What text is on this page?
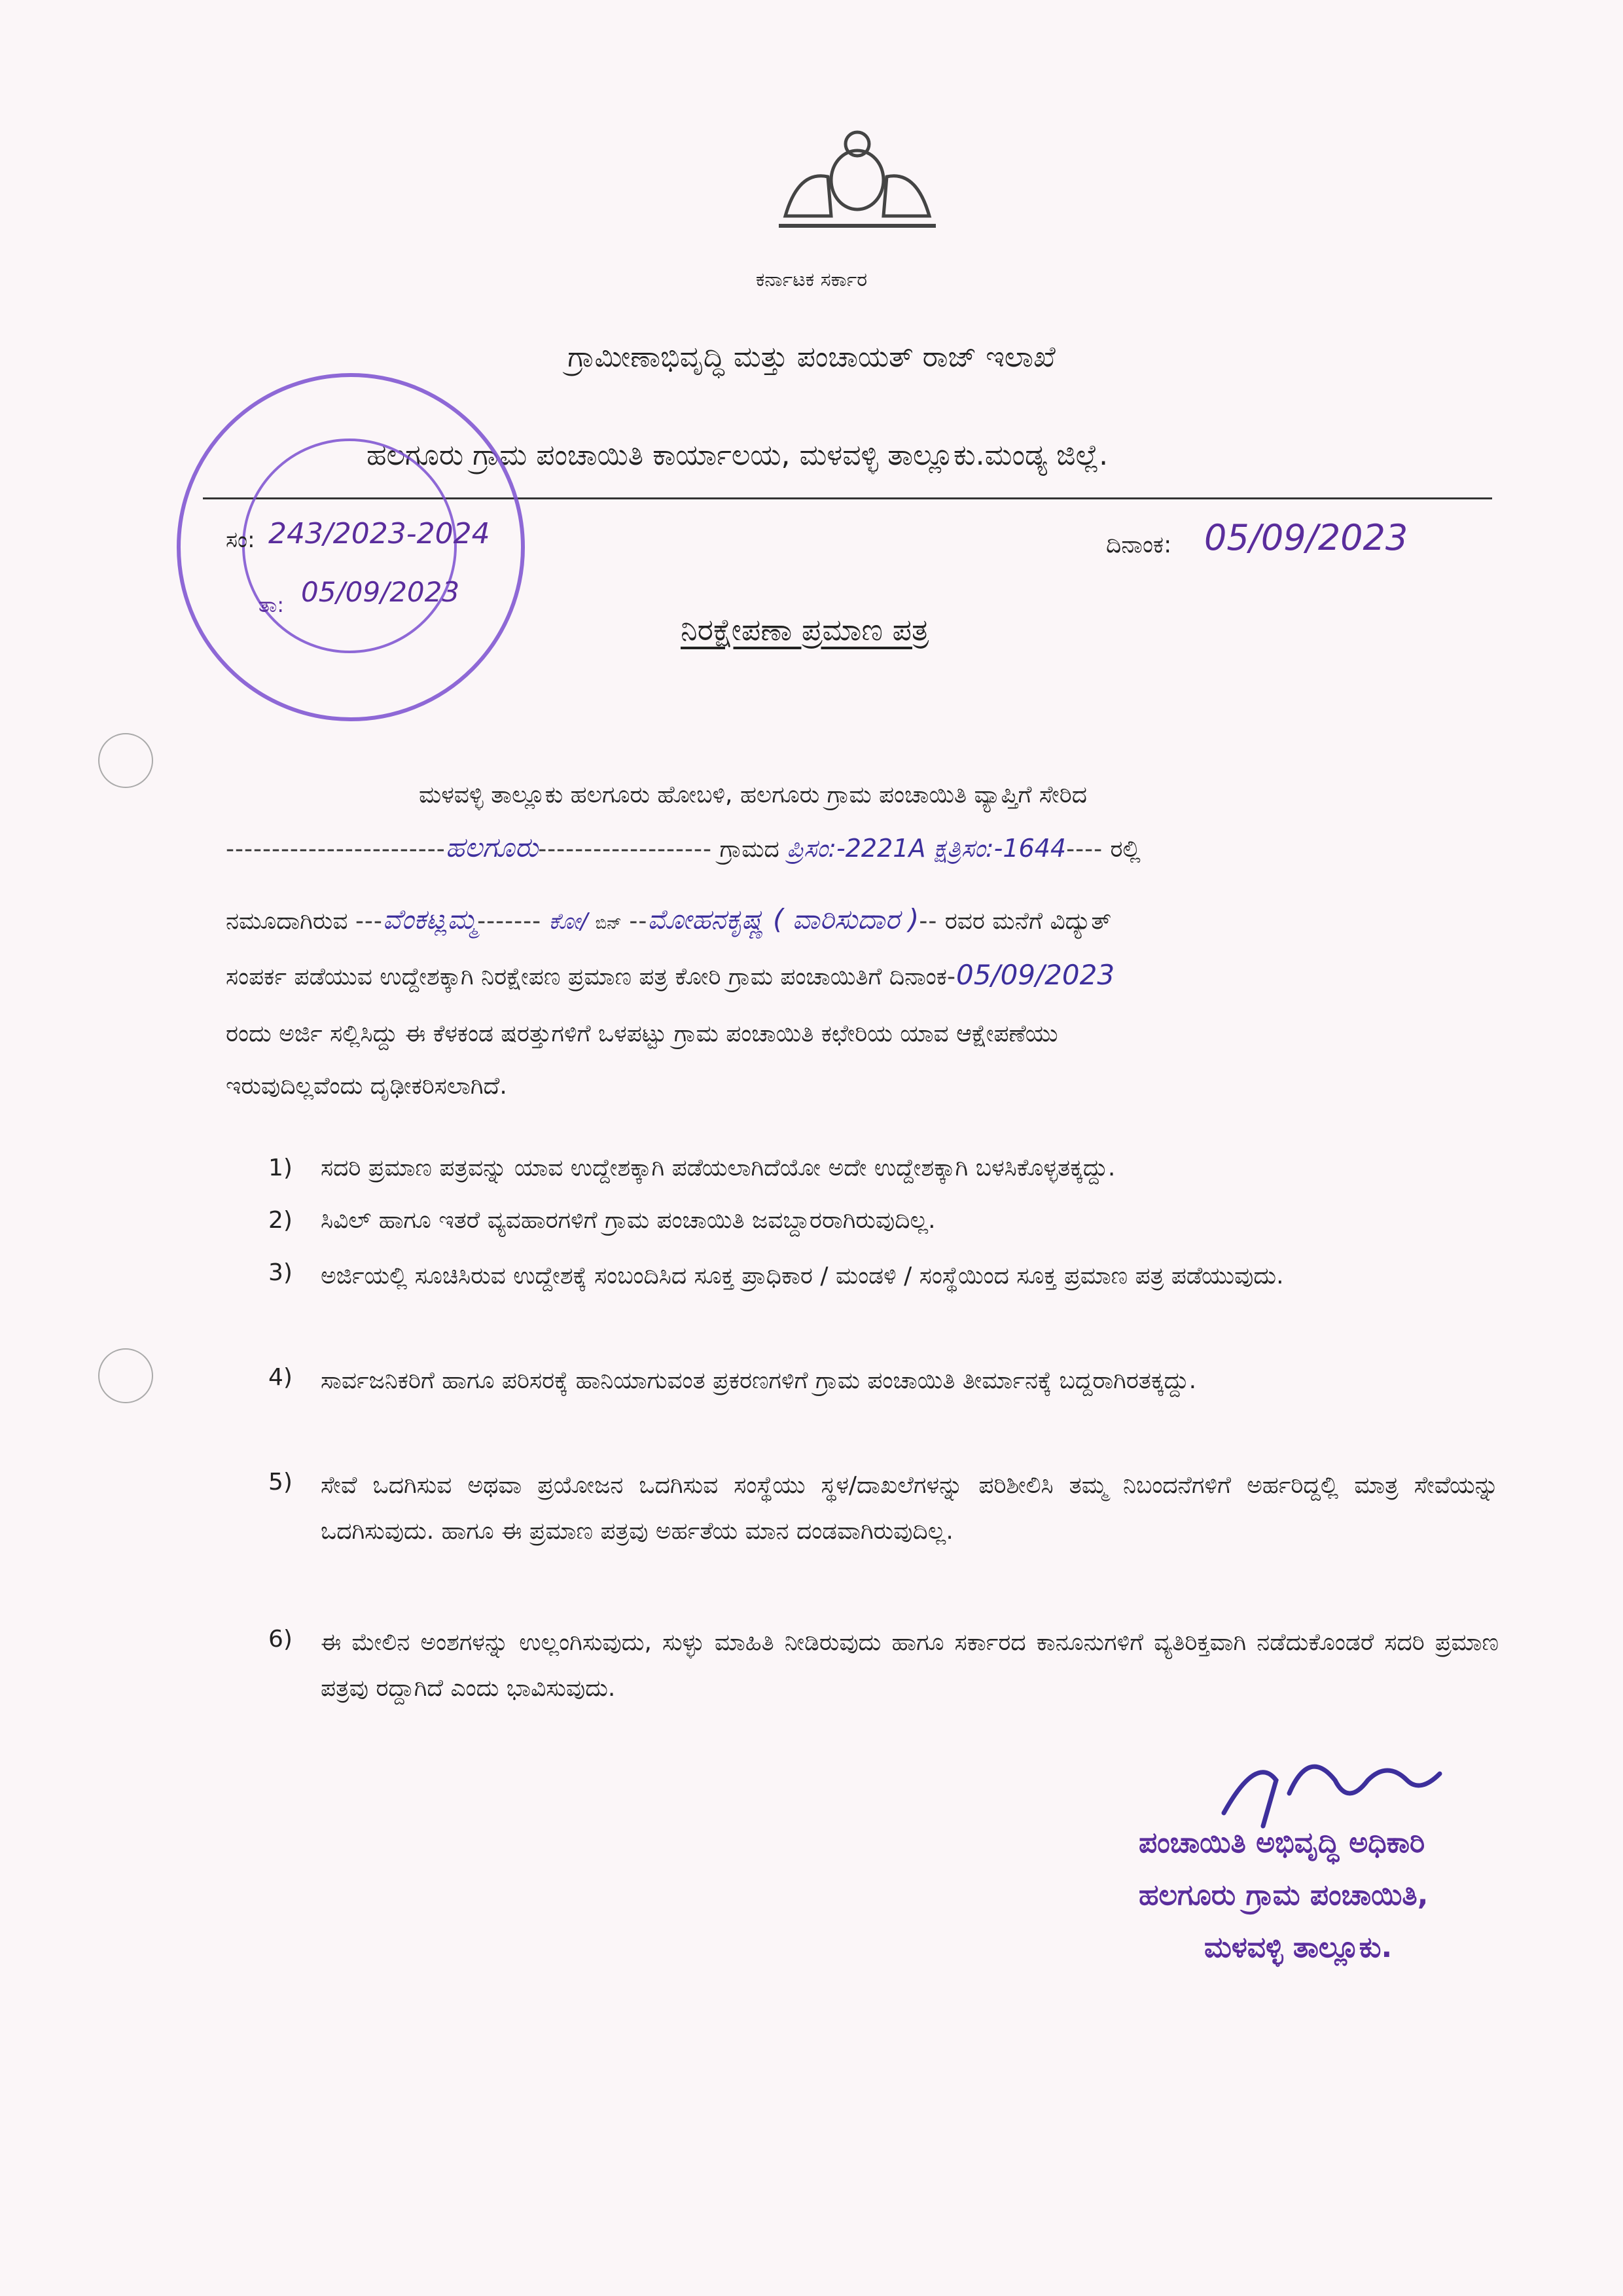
ಕರ್ನಾಟಕ ಸರ್ಕಾರ
ಗ್ರಾಮೀಣಾಭಿವೃದ್ಧಿ ಮತ್ತು ಪಂಚಾಯತ್ ರಾಜ್ ಇಲಾಖೆ
ಹಲಗೂರು ಗ್ರಾಮ ಪಂಚಾಯಿತಿ ಕಾರ್ಯಾಲಯ, ಮಳವಳ್ಳಿ ತಾಲ್ಲೂಕು.ಮಂಡ್ಯ ಜಿಲ್ಲೆ.
ಸಂ: 243/2023-2024
ತಾ: 05/09/2023
ದಿನಾಂಕ: 05/09/2023
ನಿರಕ್ಷೇಪಣಾ ಪ್ರಮಾಣ ಪತ್ರ
ಮಳವಳ್ಳಿ ತಾಲ್ಲೂಕು ಹಲಗೂರು ಹೋಬಳಿ, ಹಲಗೂರು ಗ್ರಾಮ ಪಂಚಾಯಿತಿ ವ್ಯಾಪ್ತಿಗೆ ಸೇರಿದ
------------------------ಹಲಗೂರು------------------- ಗ್ರಾಮದ ಪ್ರಿಸಂ:-2221A ಕ್ಷತ್ರಿಸಂ:-1644---- ರಲ್ಲಿ
ನಮೂದಾಗಿರುವ ---ವೆಂಕಟ್ಲಮ್ಮ------- ಕೋ/ ಬಿನ್ --ಮೋಹನಕೃಷ್ಣ ( ವಾರಿಸುದಾರ )-- ರವರ ಮನೆಗೆ ವಿದ್ಯುತ್
ಸಂಪರ್ಕ ಪಡೆಯುವ ಉದ್ದೇಶಕ್ಕಾಗಿ ನಿರಕ್ಷೇಪಣ ಪ್ರಮಾಣ ಪತ್ರ ಕೋರಿ ಗ್ರಾಮ ಪಂಚಾಯಿತಿಗೆ ದಿನಾಂಕ-05/09/2023
ರಂದು ಅರ್ಜಿ ಸಲ್ಲಿಸಿದ್ದು ಈ ಕೆಳಕಂಡ ಷರತ್ತುಗಳಿಗೆ ಒಳಪಟ್ಟು ಗ್ರಾಮ ಪಂಚಾಯಿತಿ ಕಛೇರಿಯ ಯಾವ ಆಕ್ಷೇಪಣೆಯು
ಇರುವುದಿಲ್ಲವೆಂದು ದೃಢೀಕರಿಸಲಾಗಿದೆ.
1) ಸದರಿ ಪ್ರಮಾಣ ಪತ್ರವನ್ನು ಯಾವ ಉದ್ದೇಶಕ್ಕಾಗಿ ಪಡೆಯಲಾಗಿದೆಯೋ ಅದೇ ಉದ್ದೇಶಕ್ಕಾಗಿ ಬಳಸಿಕೊಳ್ಳತಕ್ಕದ್ದು.
2) ಸಿವಿಲ್ ಹಾಗೂ ಇತರೆ ವ್ಯವಹಾರಗಳಿಗೆ ಗ್ರಾಮ ಪಂಚಾಯಿತಿ ಜವಬ್ದಾರರಾಗಿರುವುದಿಲ್ಲ.
3) ಅರ್ಜಿಯಲ್ಲಿ ಸೂಚಿಸಿರುವ ಉದ್ದೇಶಕ್ಕೆ ಸಂಬಂದಿಸಿದ ಸೂಕ್ತ ಪ್ರಾಧಿಕಾರ / ಮಂಡಳಿ / ಸಂಸ್ಥೆಯಿಂದ ಸೂಕ್ತ ಪ್ರಮಾಣ ಪತ್ರ ಪಡೆಯುವುದು.
4) ಸಾರ್ವಜನಿಕರಿಗೆ ಹಾಗೂ ಪರಿಸರಕ್ಕೆ ಹಾನಿಯಾಗುವಂತ ಪ್ರಕರಣಗಳಿಗೆ ಗ್ರಾಮ ಪಂಚಾಯಿತಿ ತೀರ್ಮಾನಕ್ಕೆ ಬದ್ದರಾಗಿರತಕ್ಕದ್ದು.
5) ಸೇವೆ ಒದಗಿಸುವ ಅಥವಾ ಪ್ರಯೋಜನ ಒದಗಿಸುವ ಸಂಸ್ಥೆಯು ಸ್ಥಳ/ದಾಖಲೆಗಳನ್ನು ಪರಿಶೀಲಿಸಿ ತಮ್ಮ ನಿಬಂದನೆಗಳಿಗೆ ಅರ್ಹರಿದ್ದಲ್ಲಿ ಮಾತ್ರ ಸೇವೆಯನ್ನು ಒದಗಿಸುವುದು. ಹಾಗೂ ಈ ಪ್ರಮಾಣ ಪತ್ರವು ಅರ್ಹತೆಯ ಮಾನ ದಂಡವಾಗಿರುವುದಿಲ್ಲ.
6) ಈ ಮೇಲಿನ ಅಂಶಗಳನ್ನು ಉಲ್ಲಂಗಿಸುವುದು, ಸುಳ್ಳು ಮಾಹಿತಿ ನೀಡಿರುವುದು ಹಾಗೂ ಸರ್ಕಾರದ ಕಾನೂನುಗಳಿಗೆ ವ್ಯತಿರಿಕ್ತವಾಗಿ ನಡೆದುಕೊಂಡರೆ ಸದರಿ ಪ್ರಮಾಣ ಪತ್ರವು ರದ್ದಾಗಿದೆ ಎಂದು ಭಾವಿಸುವುದು.
ಪಂಚಾಯಿತಿ ಅಭಿವೃದ್ಧಿ ಅಧಿಕಾರಿ
ಹಲಗೂರು ಗ್ರಾಮ ಪಂಚಾಯಿತಿ,
ಮಳವಳ್ಳಿ ತಾಲ್ಲೂಕು.
